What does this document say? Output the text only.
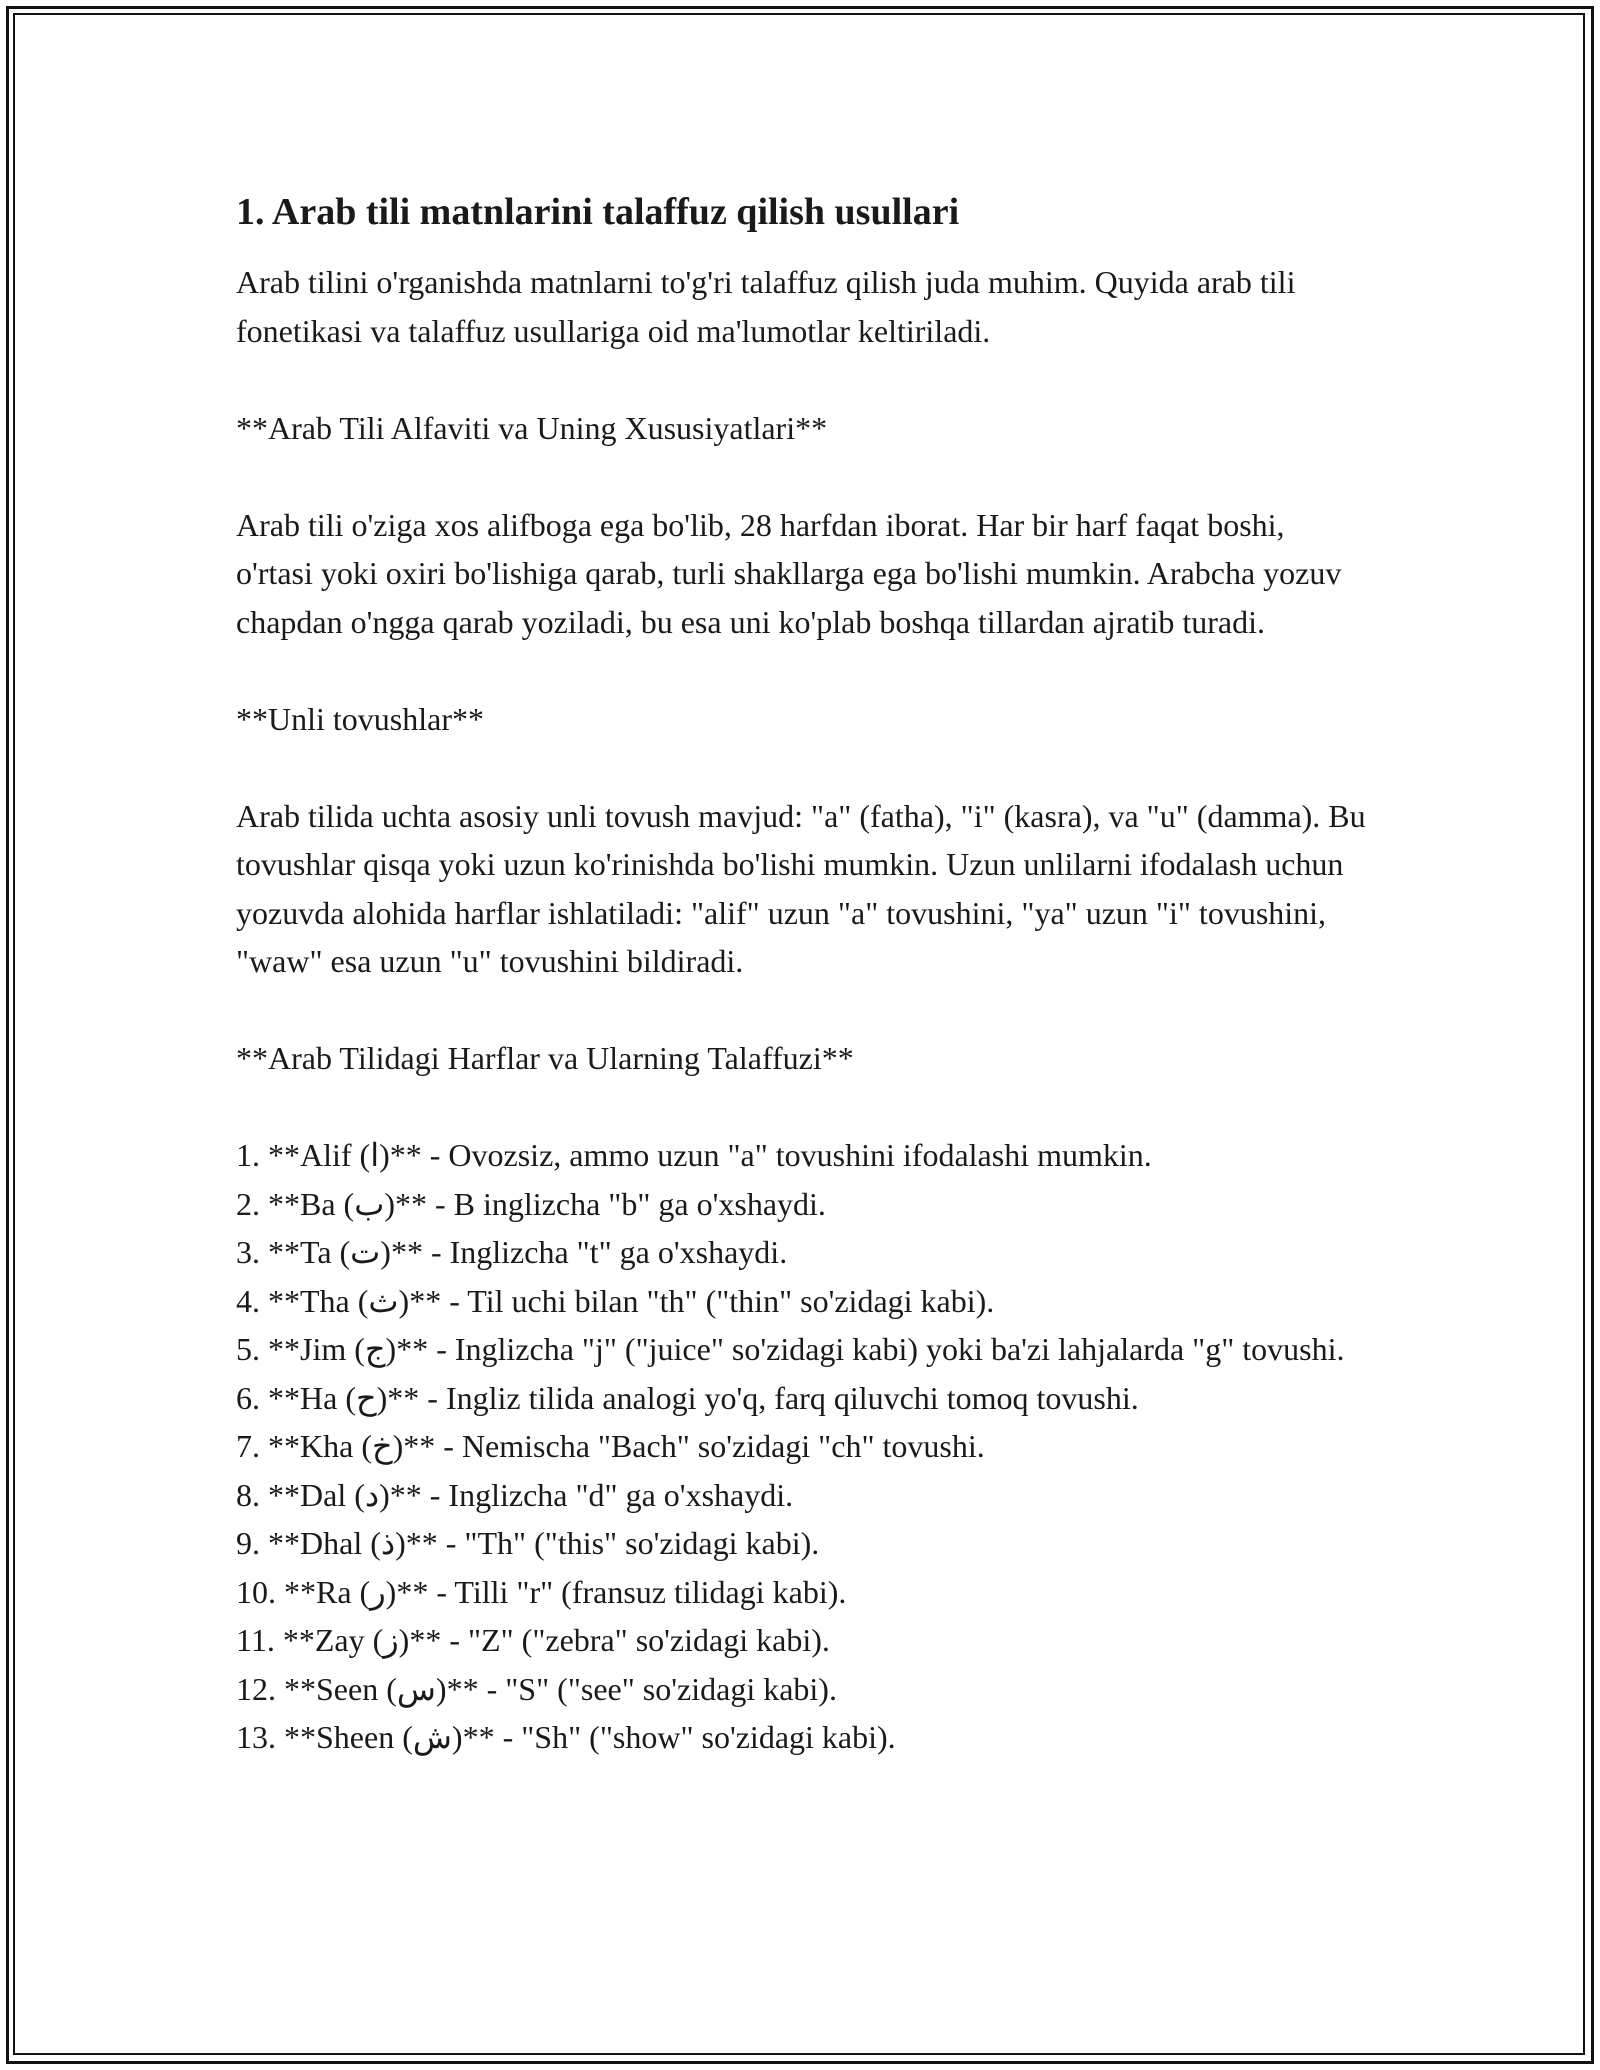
1. Arab tili matnlarini talaffuz qilish usullari

Arab tilini o'rganishda matnlarni to'g'ri talaffuz qilish juda muhim. Quyida arab tili fonetikasi va talaffuz usullariga oid ma'lumotlar keltiriladi.

**Arab Tili Alfaviti va Uning Xususiyatlari**

Arab tili o'ziga xos alifboga ega bo'lib, 28 harfdan iborat. Har bir harf faqat boshi, o'rtasi yoki oxiri bo'lishiga qarab, turli shakllarga ega bo'lishi mumkin. Arabcha yozuv chapdan o'ngga qarab yoziladi, bu esa uni ko'plab boshqa tillardan ajratib turadi.

**Unli tovushlar**

Arab tilida uchta asosiy unli tovush mavjud: "a" (fatha), "i" (kasra), va "u" (damma). Bu tovushlar qisqa yoki uzun ko'rinishda bo'lishi mumkin. Uzun unlilarni ifodalash uchun yozuvda alohida harflar ishlatiladi: "alif" uzun "a" tovushini, "ya" uzun "i" tovushini, "waw" esa uzun "u" tovushini bildiradi.

**Arab Tilidagi Harflar va Ularning Talaffuzi**

1. **Alif (ا)** - Ovozsiz, ammo uzun "a" tovushini ifodalashi mumkin.
2. **Ba (ب)** - B inglizcha "b" ga o'xshaydi.
3. **Ta (ت)** - Inglizcha "t" ga o'xshaydi.
4. **Tha (ث)** - Til uchi bilan "th" ("thin" so'zidagi kabi).
5. **Jim (ج)** - Inglizcha "j" ("juice" so'zidagi kabi) yoki ba'zi lahjalarda "g" tovushi.
6. **Ha (ح)** - Ingliz tilida analogi yo'q, farq qiluvchi tomoq tovushi.
7. **Kha (خ)** - Nemischa "Bach" so'zidagi "ch" tovushi.
8. **Dal (د)** - Inglizcha "d" ga o'xshaydi.
9. **Dhal (ذ)** - "Th" ("this" so'zidagi kabi).
10. **Ra (ر)** - Tilli "r" (fransuz tilidagi kabi).
11. **Zay (ز)** - "Z" ("zebra" so'zidagi kabi).
12. **Seen (س)** - "S" ("see" so'zidagi kabi).
13. **Sheen (ش)** - "Sh" ("show" so'zidagi kabi).
